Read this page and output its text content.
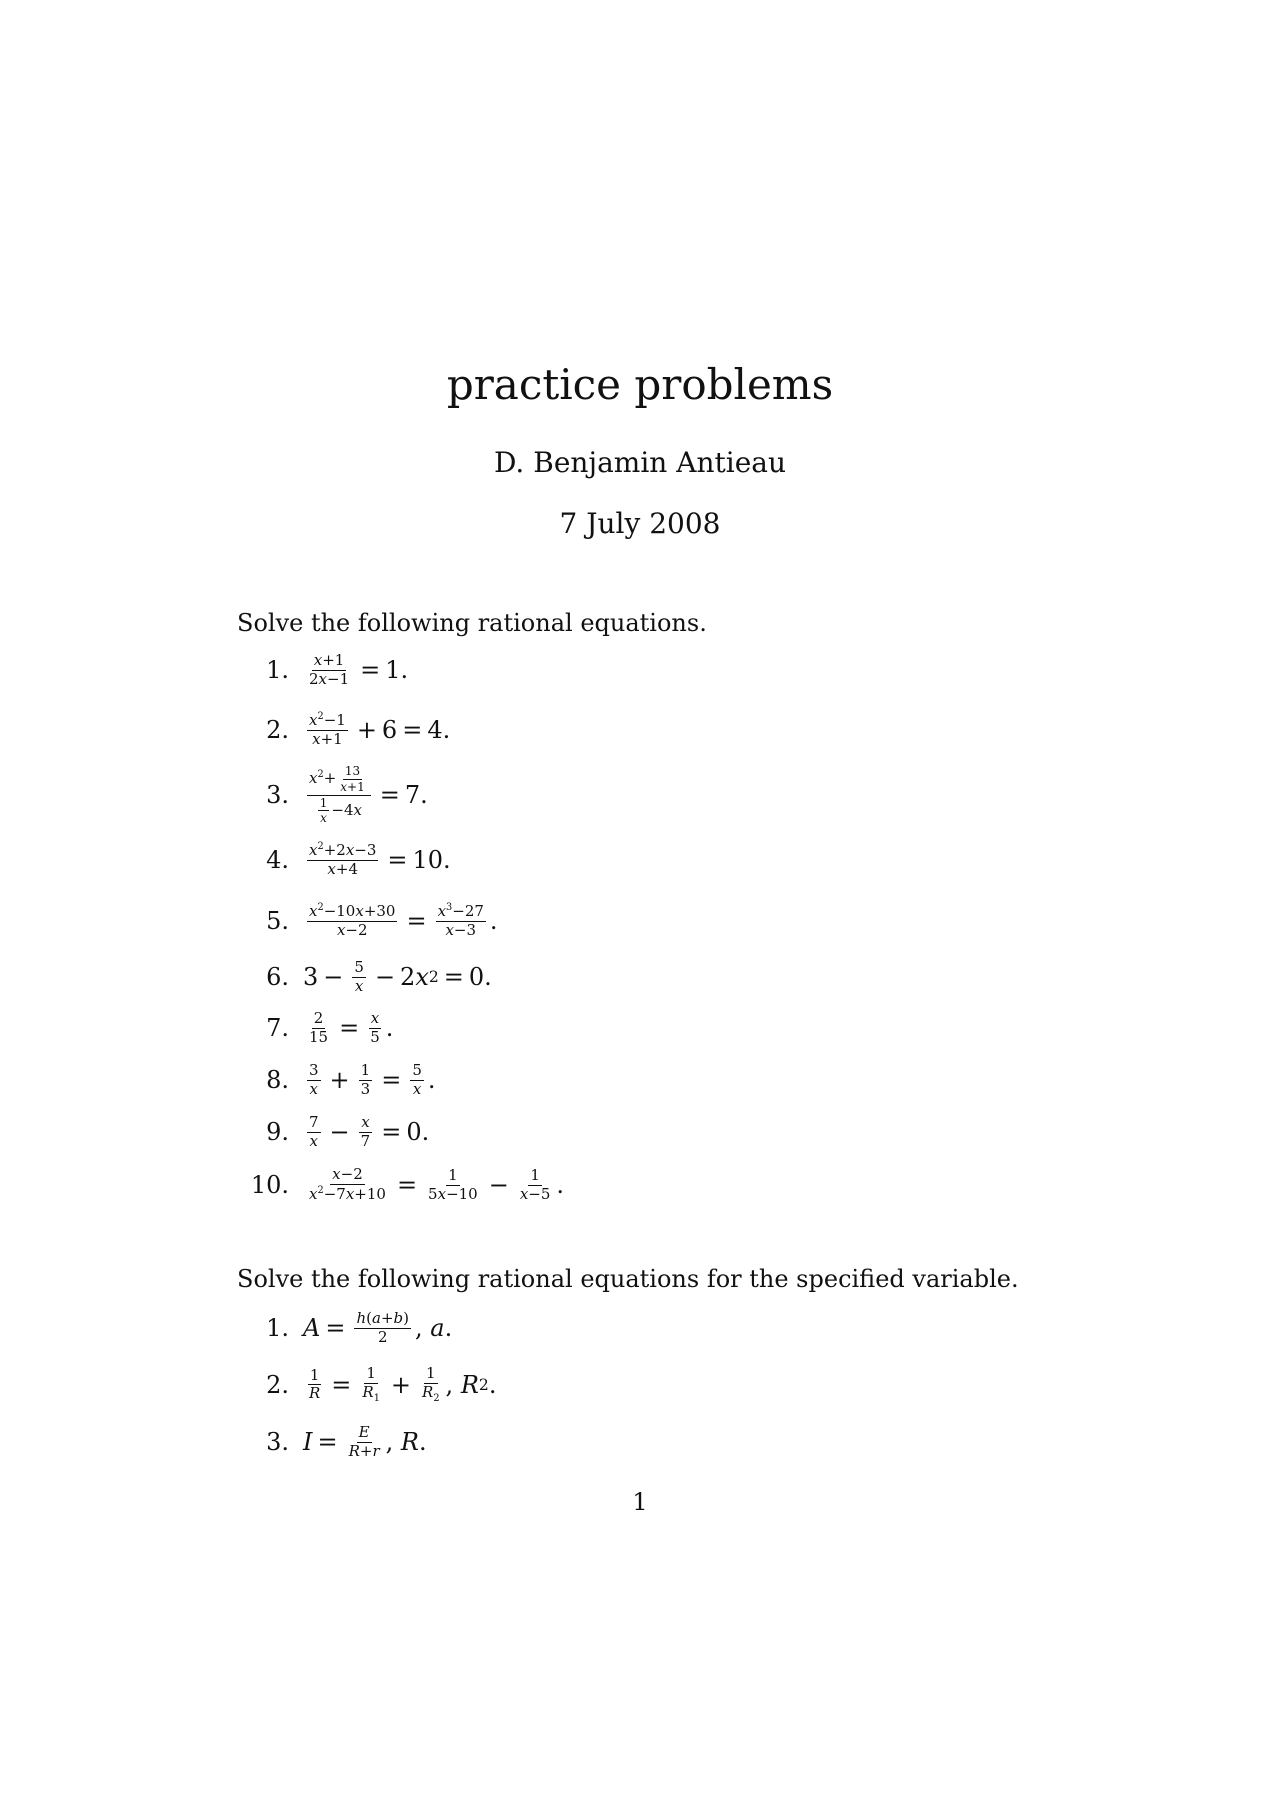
practice problems
D. Benjamin Antieau
7 July 2008
Solve the following rational equations.
1.	$\frac{x+1}{2x-1} = 1$.
2.	$\frac{x^2-1}{x+1} + 6 = 4$.
3.	$\frac{x^2+ \frac{13}{x+1}}{\frac{1}{x} -4x} = 7$.
4.	$\frac{x^2+2x-3}{x+4} = 10$.
5.	$\frac{x^2-10x+30}{x-2} = \frac{x^3-27}{x-3}$ .
6. $3 - \frac{5}{x} - 2$ x 2 = 0.
7.	$\frac{2}{15} = \frac{x}{5}$ .
8.	$\frac{3}{x} + \frac{1}{3} = \frac{5}{x}$ .
9.	$\frac{7}{x} - \frac{x}{7} = 0$.
10.	$\frac{x-2}{x^2-7x+10} = \frac{1}{5x-10} - \frac{1}{x-5}$ .
Solve the following rational equations for the specified variable.
1. $A = \frac{h(a+b)}{2}$ , a .
2.	$\frac{1}{R} = \frac{1}{R_1} + \frac{1}{R_2}$ , R 2 .
3. $I = \frac{E}{R+r}$ , R .
1
